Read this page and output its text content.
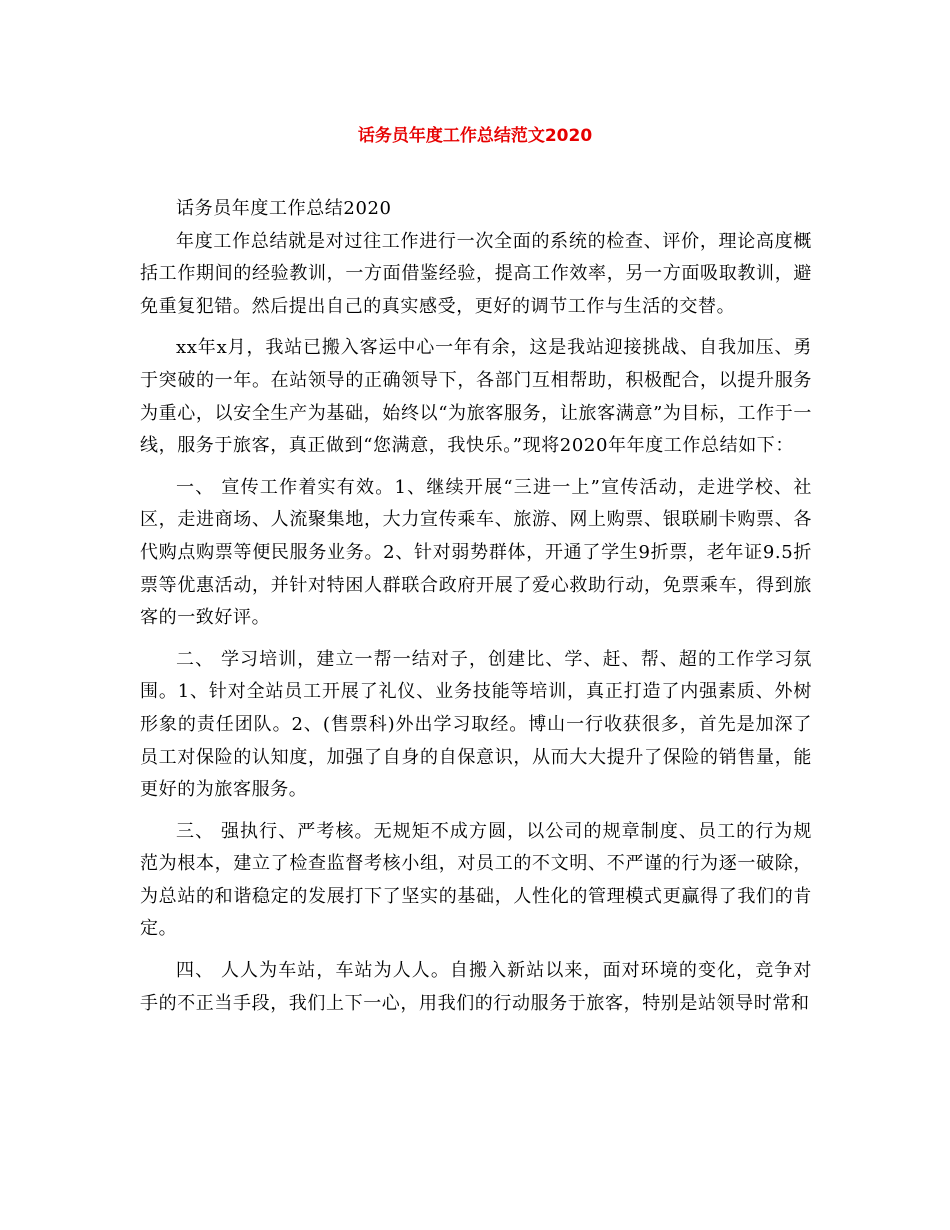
话务员年度工作总结范文2020

话务员年度工作总结2020

年度工作总结就是对过往工作进行一次全面的系统的检查、评价，理论高度概括工作期间的经验教训，一方面借鉴经验，提高工作效率，另一方面吸取教训，避免重复犯错。然后提出自己的真实感受，更好的调节工作与生活的交替。

xx年x月，我站已搬入客运中心一年有余，这是我站迎接挑战、自我加压、勇于突破的一年。在站领导的正确领导下，各部门互相帮助，积极配合，以提升服务为重心，以安全生产为基础，始终以“为旅客服务，让旅客满意”为目标，工作于一线，服务于旅客，真正做到“您满意，我快乐。”现将2020年年度工作总结如下：

一、 宣传工作着实有效。1、继续开展“三进一上”宣传活动，走进学校、社区，走进商场、人流聚集地，大力宣传乘车、旅游、网上购票、银联刷卡购票、各代购点购票等便民服务业务。2、针对弱势群体，开通了学生9折票，老年证9.5折票等优惠活动，并针对特困人群联合政府开展了爱心救助行动，免票乘车，得到旅客的一致好评。

二、 学习培训，建立一帮一结对子，创建比、学、赶、帮、超的工作学习氛围。1、针对全站员工开展了礼仪、业务技能等培训，真正打造了内强素质、外树形象的责任团队。2、(售票科)外出学习取经。博山一行收获很多，首先是加深了员工对保险的认知度，加强了自身的自保意识，从而大大提升了保险的销售量，能更好的为旅客服务。

三、 强执行、严考核。无规矩不成方圆，以公司的规章制度、员工的行为规范为根本，建立了检查监督考核小组，对员工的不文明、不严谨的行为逐一破除，为总站的和谐稳定的发展打下了坚实的基础，人性化的管理模式更赢得了我们的肯定。

四、 人人为车站，车站为人人。自搬入新站以来，面对环境的变化，竞争对手的不正当手段，我们上下一心，用我们的行动服务于旅客，特别是站领导时常和
